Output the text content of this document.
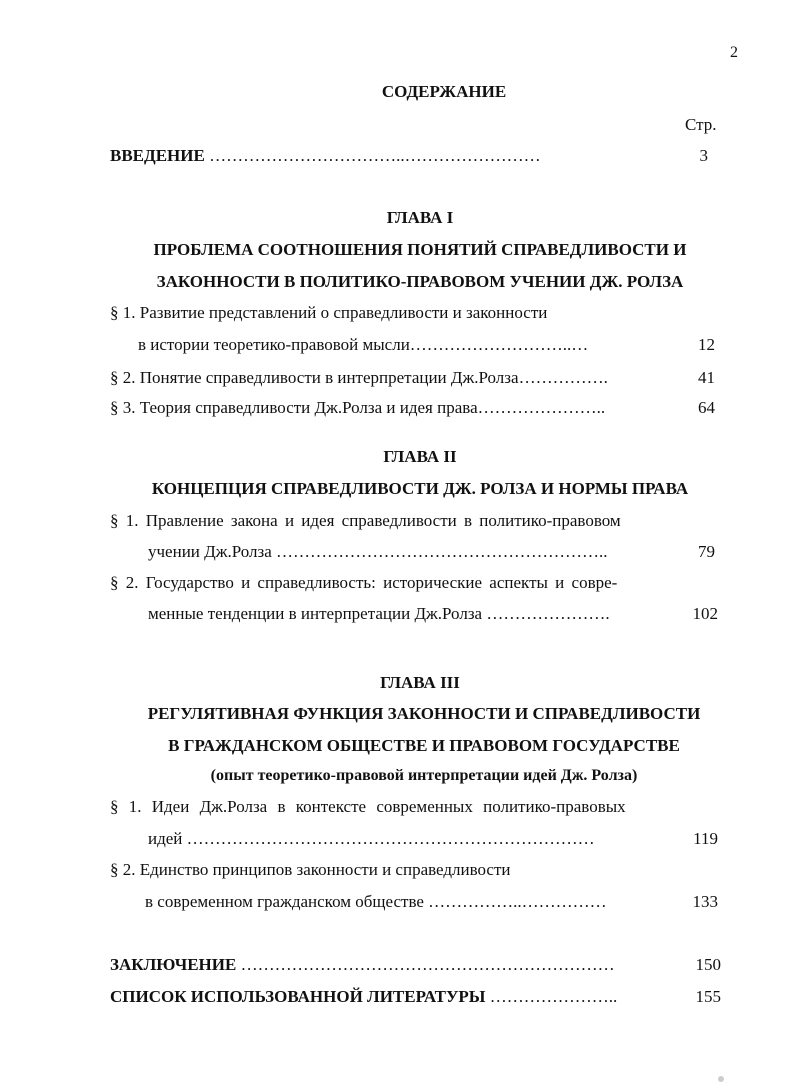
2
СОДЕРЖАНИЕ
Стр.
ВВЕДЕНИЕ ……………………………..……………………	3
ГЛАВА I
ПРОБЛЕМА СООТНОШЕНИЯ ПОНЯТИЙ СПРАВЕДЛИВОСТИ И
ЗАКОННОСТИ В ПОЛИТИКО-ПРАВОВОМ УЧЕНИИ ДЖ. РОЛЗА
§ 1. Развитие представлений о справедливости и законности
в истории теоретико-правовой мысли………………………..…	12
§ 2. Понятие справедливости в интерпретации Дж.Ролза…………….	41
§ 3. Теория справедливости Дж.Ролза и идея права…………………..	64
ГЛАВА II
КОНЦЕПЦИЯ СПРАВЕДЛИВОСТИ ДЖ. РОЛЗА И НОРМЫ ПРАВА
§ 1. Правление закона и идея справедливости в политико-правовом
учении Дж.Ролза …………………………………………………..	79
§ 2. Государство и справедливость: исторические аспекты и совре-
менные тенденции в интерпретации Дж.Ролза ………………….	102
ГЛАВА III
РЕГУЛЯТИВНАЯ ФУНКЦИЯ ЗАКОННОСТИ И СПРАВЕДЛИВОСТИ
В ГРАЖДАНСКОМ ОБЩЕСТВЕ И ПРАВОВОМ ГОСУДАРСТВЕ
(опыт теоретико-правовой интерпретации идей Дж. Ролза)
§ 1. Идеи Дж.Ролза в контексте современных политико-правовых
идей ………………………………………………………………	119
§ 2. Единство принципов законности и справедливости
в современном гражданском обществе ……………..……………	133
ЗАКЛЮЧЕНИЕ …………………………………………………………	150
СПИСОК ИСПОЛЬЗОВАННОЙ ЛИТЕРАТУРЫ …………………..	155
